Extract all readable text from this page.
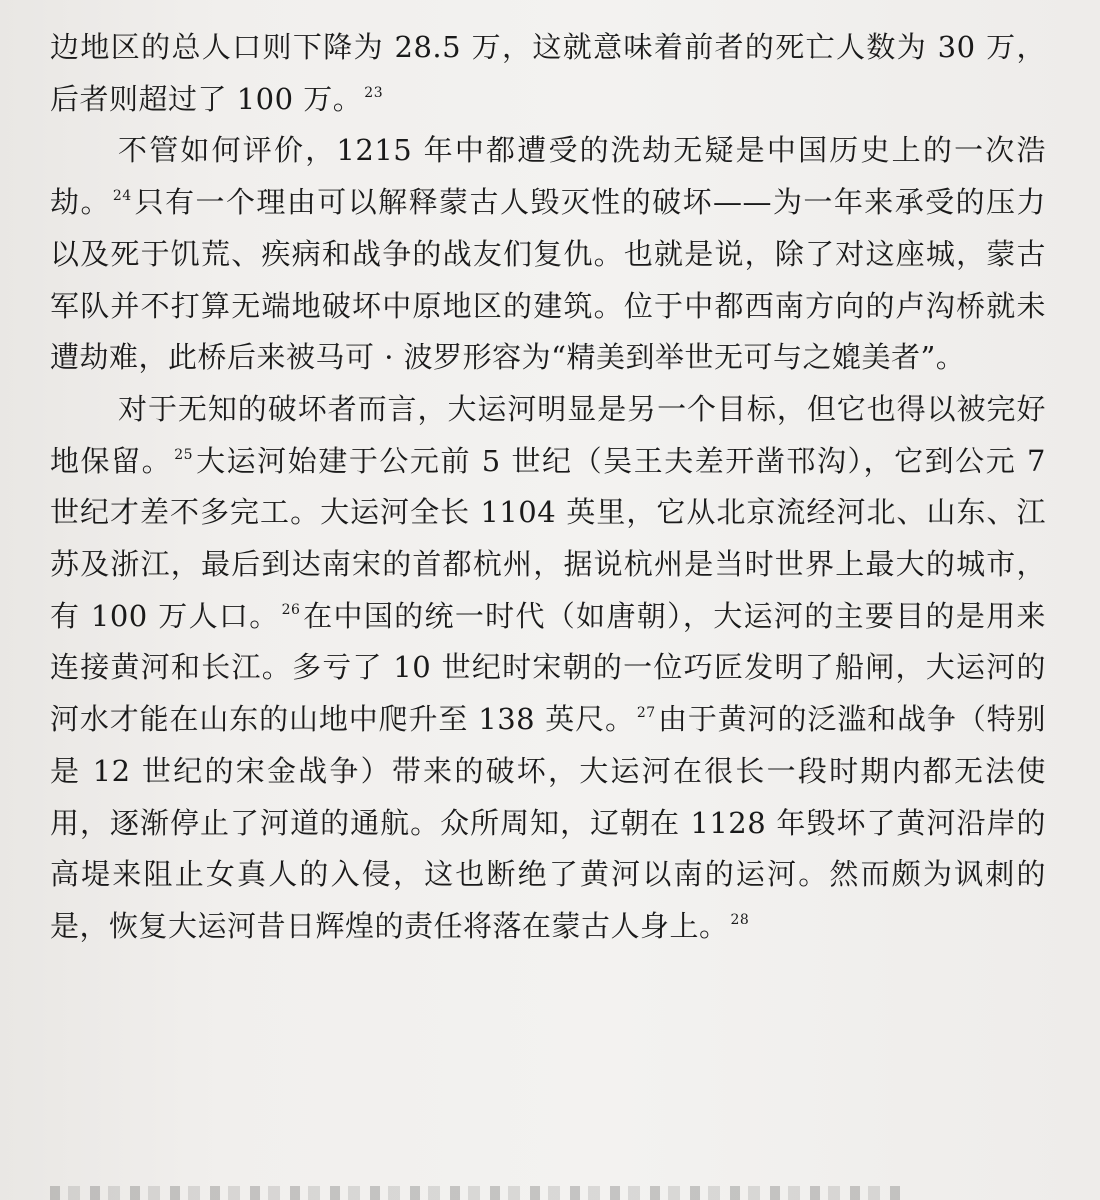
边地区的总人口则下降为 28.5 万，这就意味着前者的死亡人数为 30 万，后者则超过了 100 万。 $^{23}$

不管如何评价，1215 年中都遭受的洗劫无疑是中国历史上的一次浩劫。 $^{24}$只有一个理由可以解释蒙古人毁灭性的破坏——为一年来承受的压力以及死于饥荒、疾病和战争的战友们复仇。也就是说，除了对这座城，蒙古军队并不打算无端地破坏中原地区的建筑。位于中都西南方向的卢沟桥就未遭劫难，此桥后来被马可 · 波罗形容为“精美到举世无可与之媲美者”。

对于无知的破坏者而言，大运河明显是另一个目标，但它也得以被完好地保留。 $^{25}$大运河始建于公元前 5 世纪（吴王夫差开凿邗沟），它到公元 7 世纪才差不多完工。大运河全长 1104 英里，它从北京流经河北、山东、江苏及浙江，最后到达南宋的首都杭州，据说杭州是当时世界上最大的城市，有 100 万人口。 $^{26}$在中国的统一时代（如唐朝），大运河的主要目的是用来连接黄河和长江。多亏了 10 世纪时宋朝的一位巧匠发明了船闸，大运河的河水才能在山东的山地中爬升至 138 英尺。 $^{27}$由于黄河的泛滥和战争（特别是 12 世纪的宋金战争）带来的破坏，大运河在很长一段时期内都无法使用，逐渐停止了河道的通航。众所周知，辽朝在 1128 年毁坏了黄河沿岸的高堤来阻止女真人的入侵，这也断绝了黄河以南的运河。然而颇为讽刺的是，恢复大运河昔日辉煌的责任将落在蒙古人身上。 $^{28}$
